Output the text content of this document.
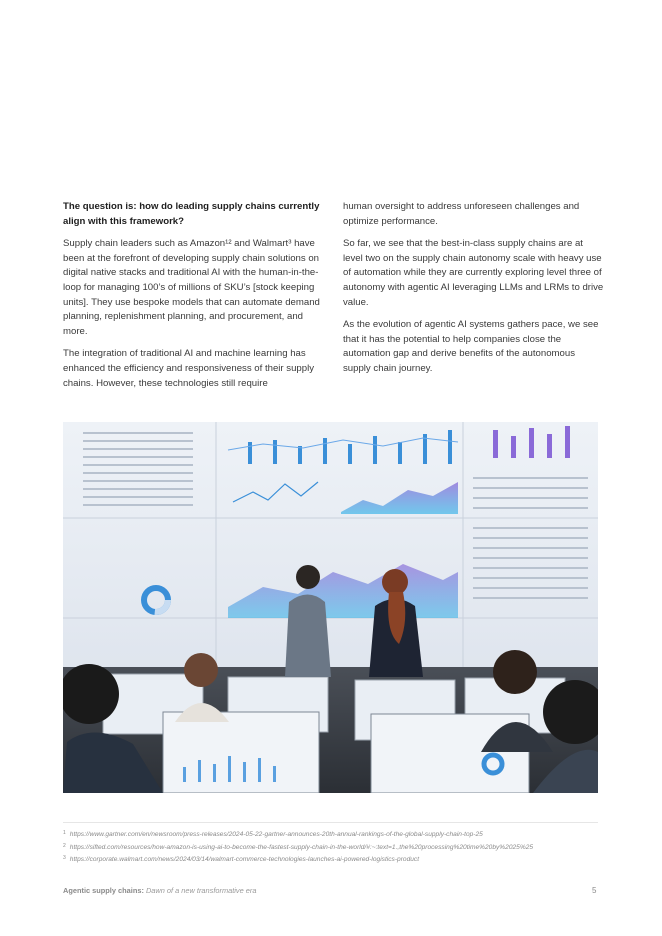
The question is: how do leading supply chains currently align with this framework?

Supply chain leaders such as Amazon¹² and Walmart³ have been at the forefront of developing supply chain solutions on digital native stacks and traditional AI with the human-in-the-loop for managing 100’s of millions of SKU’s [stock keeping units]. They use bespoke models that can automate demand planning, replenishment planning, and procurement, and more.

The integration of traditional AI and machine learning has enhanced the efficiency and responsiveness of their supply chains. However, these technologies still require

human oversight to address unforeseen challenges and optimize performance.

So far, we see that the best-in-class supply chains are at level two on the supply chain autonomy scale with heavy use of automation while they are currently exploring level three of autonomy with agentic AI leveraging LLMs and LRMs to drive value.

As the evolution of agentic AI systems gathers pace, we see that it has the potential to help companies close the automation gap and derive benefits of the autonomous supply chain journey.

$^1$ https://www.gartner.com/en/newsroom/press-releases/2024-05-22-gartner-announces-20th-annual-rankings-of-the-global-supply-chain-top-25
$^2$ https://sifted.com/resources/how-amazon-is-using-ai-to-become-the-fastest-supply-chain-in-the-world/#:~:text=1.,the%20processing%20time%20by%2025%25
$^3$ https://corporate.walmart.com/news/2024/03/14/walmart-commerce-technologies-launches-ai-powered-logistics-product
Agentic supply chains: Dawn of a new transformative era	5
